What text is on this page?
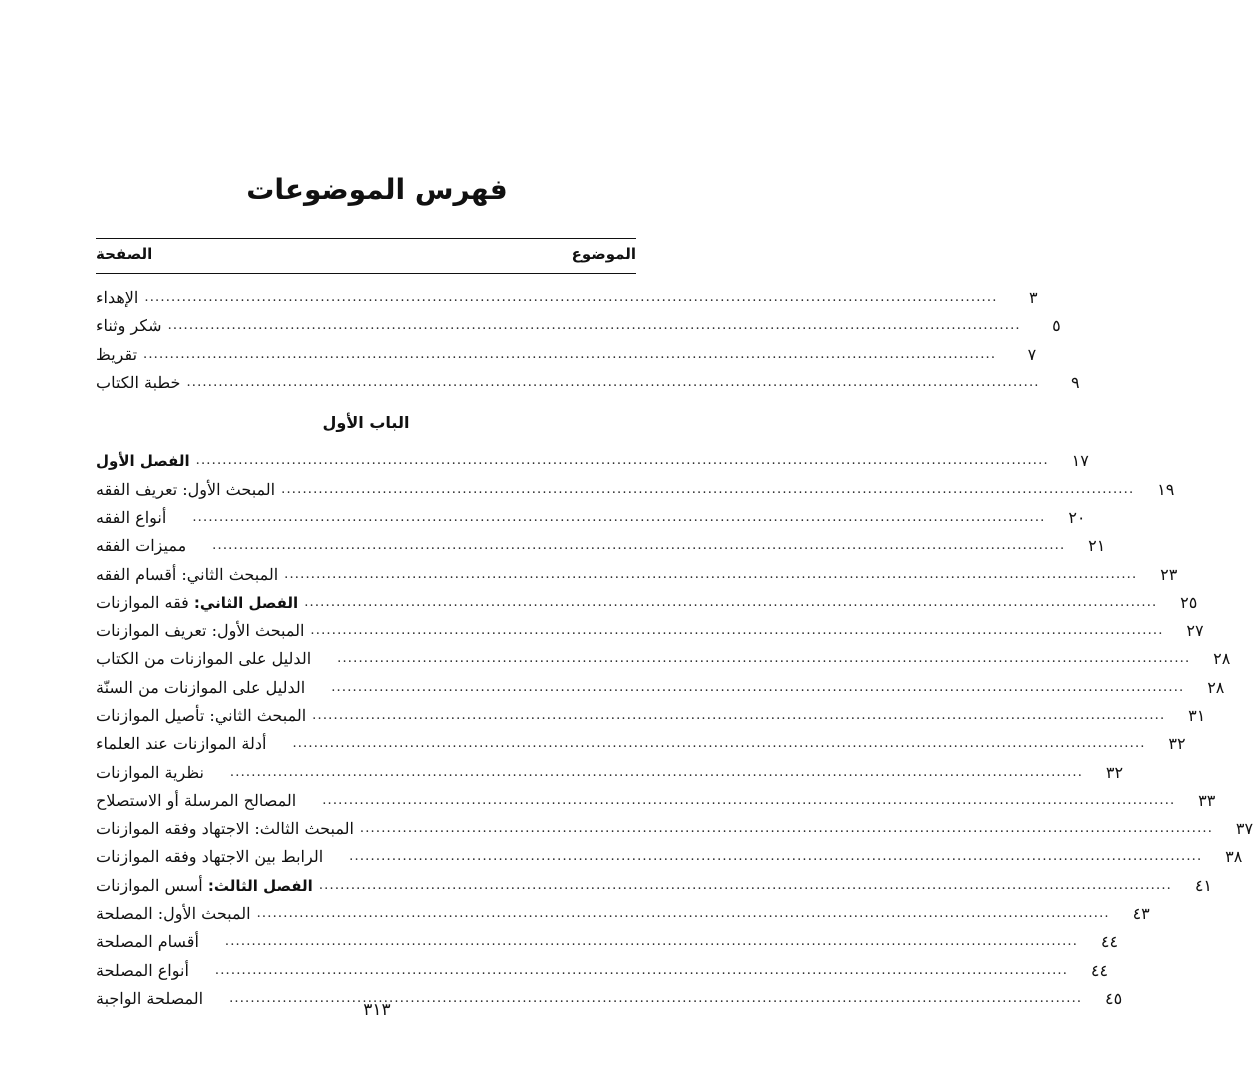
فهرس الموضوعات
الموضوع
الصفحة
الإهداء ................................................................................................................................................................	٣
شكر وثناء ................................................................................................................................................................	٥
تقريظ ................................................................................................................................................................	٧
خطبة الكتاب ................................................................................................................................................................	٩
الباب الأول
الفصل الأول ................................................................................................................................................................	١٧
المبحث الأول: تعريف الفقه ................................................................................................................................................................	١٩
أنواع الفقه ................................................................................................................................................................	٢٠
مميزات الفقه ................................................................................................................................................................	٢١
المبحث الثاني: أقسام الفقه ................................................................................................................................................................	٢٣
الفصل الثاني: فقه الموازنات	................................................................................................................................................................	٢٥
المبحث الأول: تعريف الموازنات ................................................................................................................................................................	٢٧
الدليل على الموازنات من الكتاب ................................................................................................................................................................	٢٨
الدليل على الموازنات من السنّة ................................................................................................................................................................	٢٨
المبحث الثاني: تأصيل الموازنات ................................................................................................................................................................	٣١
أدلة الموازنات عند العلماء ................................................................................................................................................................	٣٢
نظرية الموازنات ................................................................................................................................................................	٣٢
المصالح المرسلة أو الاستصلاح ................................................................................................................................................................	٣٣
المبحث الثالث: الاجتهاد وفقه الموازنات ................................................................................................................................................................	٣٧
الرابط بين الاجتهاد وفقه الموازنات ................................................................................................................................................................	٣٨
الفصل الثالث: أسس الموازنات	................................................................................................................................................................	٤١
المبحث الأول: المصلحة ................................................................................................................................................................	٤٣
أقسام المصلحة ................................................................................................................................................................	٤٤
أنواع المصلحة ................................................................................................................................................................	٤٤
المصلحة الواجبة ................................................................................................................................................................	٤٥
٣١٣
